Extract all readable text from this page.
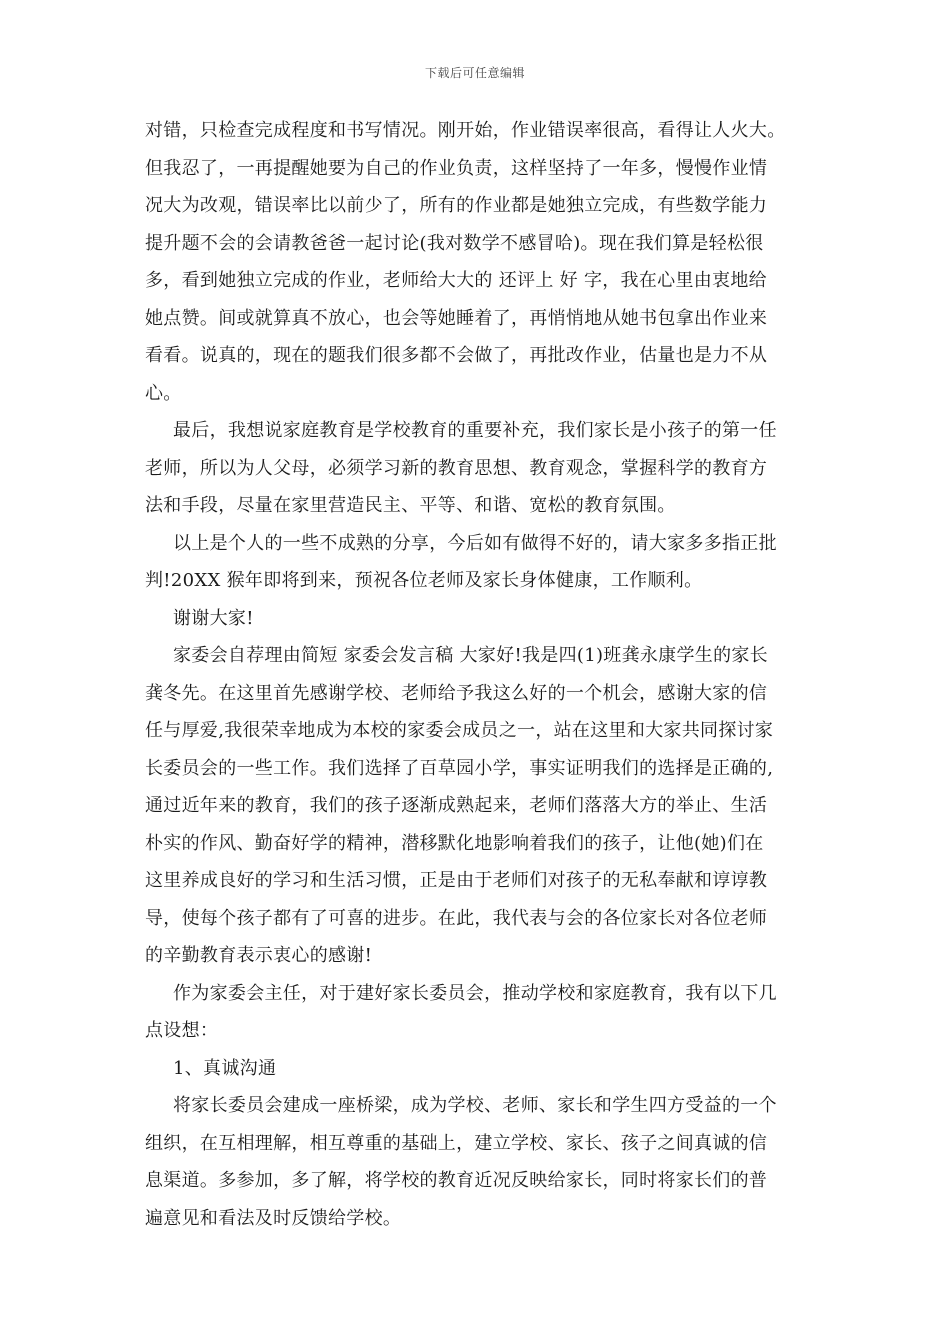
下载后可任意编辑
对错，只检查完成程度和书写情况。刚开始，作业错误率很高，看得让人火大。
但我忍了，一再提醒她要为自己的作业负责，这样坚持了一年多，慢慢作业情
况大为改观，错误率比以前少了，所有的作业都是她独立完成，有些数学能力
提升题不会的会请教爸爸一起讨论(我对数学不感冒哈)。现在我们算是轻松很
多，看到她独立完成的作业，老师给大大的 还评上 好 字，我在心里由衷地给
她点赞。间或就算真不放心，也会等她睡着了，再悄悄地从她书包拿出作业来
看看。说真的，现在的题我们很多都不会做了，再批改作业，估量也是力不从
心。
最后，我想说家庭教育是学校教育的重要补充，我们家长是小孩子的第一任
老师，所以为人父母，必须学习新的教育思想、教育观念，掌握科学的教育方
法和手段，尽量在家里营造民主、平等、和谐、宽松的教育氛围。
以上是个人的一些不成熟的分享，今后如有做得不好的，请大家多多指正批
判!20XX 猴年即将到来，预祝各位老师及家长身体健康，工作顺利。
谢谢大家!
家委会自荐理由简短 家委会发言稿 大家好!我是四(1)班龚永康学生的家长
龚冬先。在这里首先感谢学校、老师给予我这么好的一个机会，感谢大家的信
任与厚爱,我很荣幸地成为本校的家委会成员之一，站在这里和大家共同探讨家
长委员会的一些工作。我们选择了百草园小学，事实证明我们的选择是正确的,
通过近年来的教育，我们的孩子逐渐成熟起来，老师们落落大方的举止、生活
朴实的作风、勤奋好学的精神，潜移默化地影响着我们的孩子，让他(她)们在
这里养成良好的学习和生活习惯，正是由于老师们对孩子的无私奉献和谆谆教
导，使每个孩子都有了可喜的进步。在此，我代表与会的各位家长对各位老师
的辛勤教育表示衷心的感谢!
作为家委会主任，对于建好家长委员会，推动学校和家庭教育，我有以下几
点设想：
1、真诚沟通
将家长委员会建成一座桥梁，成为学校、老师、家长和学生四方受益的一个
组织，在互相理解，相互尊重的基础上，建立学校、家长、孩子之间真诚的信
息渠道。多参加，多了解，将学校的教育近况反映给家长，同时将家长们的普
遍意见和看法及时反馈给学校。
